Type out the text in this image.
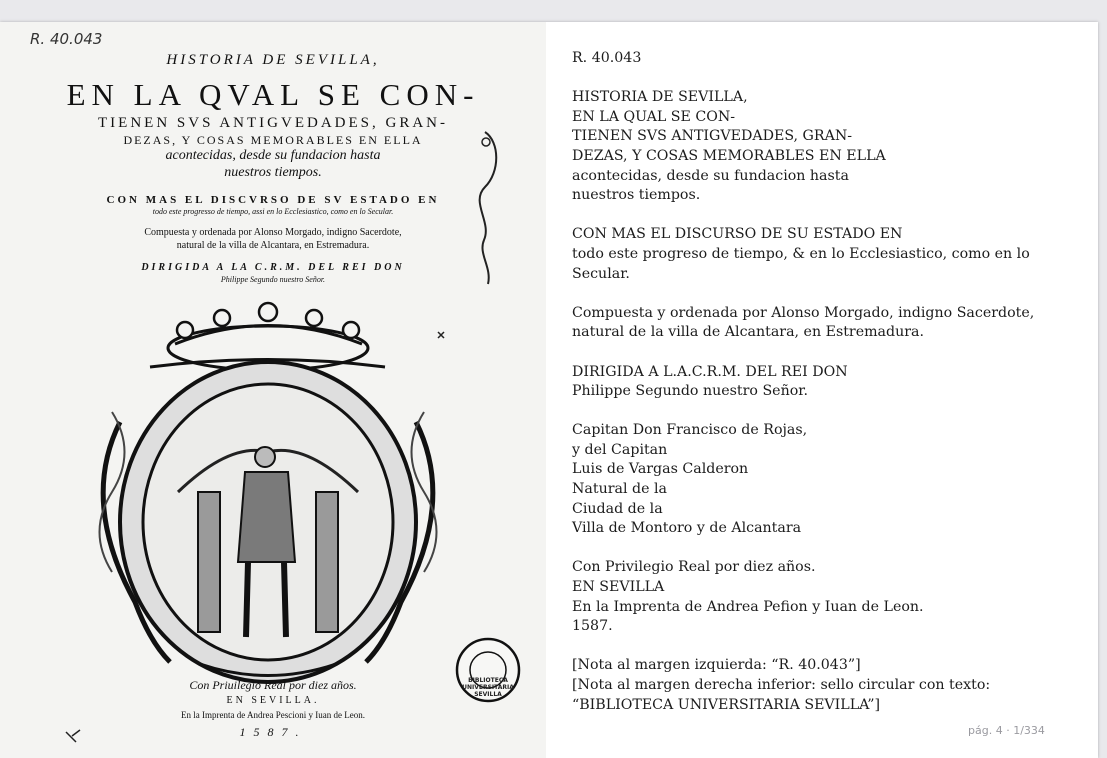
R. 40.043
HISTORIA DE SEVILLA,
EN LA QVAL SE CON-
TIENEN SVS ANTIGVEDADES, GRAN-
DEZAS, Y COSAS MEMORABLES EN ELLA
acontecidas, desde su fundacion hasta
nuestros tiempos.
CON MAS EL DISCVRSO DE SV ESTADO EN
todo este progresso de tiempo, assi en lo Ecclesiastico, como en lo Secular.
Compuesta y ordenada por Alonso Morgado, indigno Sacerdote,
natural de la villa de Alcantara, en Estremadura.
DIRIGIDA A LA C.R.M. DEL REI DON
Philippe Segundo nuestro Señor.
Con Priuilegio Real por diez años.
EN SEVILLA.
En la Imprenta de Andrea Pescioni y Iuan de Leon.
1587.
BIBLIOTECA UNIVERSITARIA SEVILLA
R. 40.043
HISTORIA DE SEVILLA,
EN LA QUAL SE CON-
TIENEN SVS ANTIGVEDADES, GRAN-
DEZAS, Y COSAS MEMORABLES EN ELLA
acontecidas, desde su fundacion hasta
nuestros tiempos.
CON MAS EL DISCURSO DE SU ESTADO EN
todo este progreso de tiempo, & en lo Ecclesiastico, como en lo
Secular.
Compuesta y ordenada por Alonso Morgado, indigno Sacerdote,
natural de la villa de Alcantara, en Estremadura.
DIRIGIDA A L.A.C.R.M. DEL REI DON
Philippe Segundo nuestro Señor.
Capitan Don Francisco de Rojas,
y del Capitan
Luis de Vargas Calderon
Natural de la
Ciudad de la
Villa de Montoro y de Alcantara
Con Privilegio Real por diez años.
EN SEVILLA
En la Imprenta de Andrea Pefion y Iuan de Leon.
1587.
[Nota al margen izquierda: “R. 40.043”]
[Nota al margen derecha inferior: sello circular con texto:
“BIBLIOTECA UNIVERSITARIA SEVILLA”]
pág. 4 · 1/334
